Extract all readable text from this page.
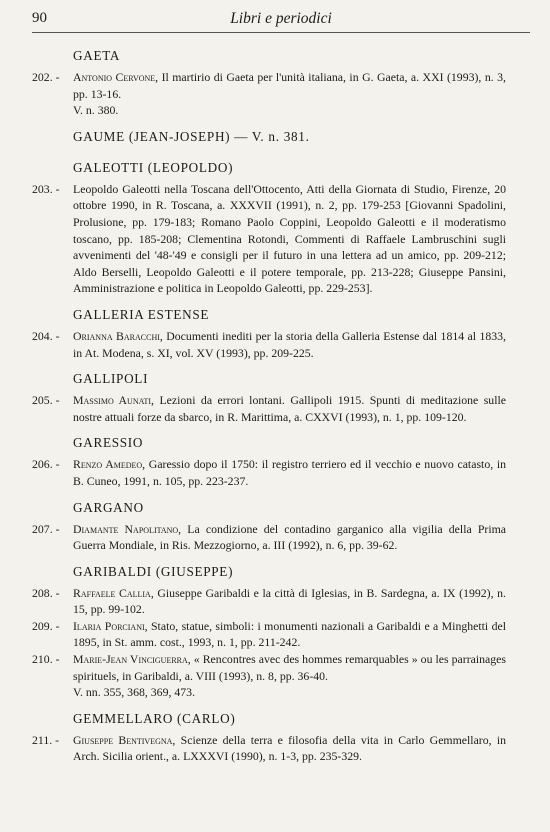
90	Libri e periodici
GAETA
202. - Antonio Cervone, Il martirio di Gaeta per l'unità italiana, in G. Gaeta, a. XXI (1993), n. 3, pp. 13-16.
V. n. 380.
GAUME (JEAN-JOSEPH) — V. n. 381.
GALEOTTI (LEOPOLDO)
203. - Leopoldo Galeotti nella Toscana dell'Ottocento, Atti della Giornata di Studio, Firenze, 20 ottobre 1990, in R. Toscana, a. XXXVII (1991), n. 2, pp. 179-253 [Giovanni Spadolini, Prolusione, pp. 179-183; Romano Paolo Coppini, Leopoldo Galeotti e il moderatismo toscano, pp. 185-208; Clementina Rotondi, Commenti di Raffaele Lambruschini sugli avvenimenti del '48-'49 e consigli per il futuro in una lettera ad un amico, pp. 209-212; Aldo Berselli, Leopoldo Galeotti e il potere temporale, pp. 213-228; Giuseppe Pansini, Amministrazione e politica in Leopoldo Galeotti, pp. 229-253].
GALLERIA ESTENSE
204. - Orianna Baracchi, Documenti inediti per la storia della Galleria Estense dal 1814 al 1833, in At. Modena, s. XI, vol. XV (1993), pp. 209-225.
GALLIPOLI
205. - Massimo Aunati, Lezioni da errori lontani. Gallipoli 1915. Spunti di meditazione sulle nostre attuali forze da sbarco, in R. Marittima, a. CXXVI (1993), n. 1, pp. 109-120.
GARESSIO
206. - Renzo Amedeo, Garessio dopo il 1750: il registro terriero ed il vecchio e nuovo catasto, in B. Cuneo, 1991, n. 105, pp. 223-237.
GARGANO
207. - Diamante Napolitano, La condizione del contadino garganico alla vigilia della Prima Guerra Mondiale, in Ris. Mezzogiorno, a. III (1992), n. 6, pp. 39-62.
GARIBALDI (GIUSEPPE)
208. - Raffaele Callia, Giuseppe Garibaldi e la città di Iglesias, in B. Sardegna, a. IX (1992), n. 15, pp. 99-102.
209. - Ilaria Porciani, Stato, statue, simboli: i monumenti nazionali a Garibaldi e a Minghetti del 1895, in St. amm. cost., 1993, n. 1, pp. 211-242.
210. - Marie-Jean Vinciguerra, « Rencontres avec des hommes remarquables » ou les parrainages spirituels, in Garibaldi, a. VIII (1993), n. 8, pp. 36-40.
V. nn. 355, 368, 369, 473.
GEMMELLARO (CARLO)
211. - Giuseppe Bentivegna, Scienze della terra e filosofia della vita in Carlo Gemmellaro, in Arch. Sicilia orient., a. LXXXVI (1990), n. 1-3, pp. 235-329.
